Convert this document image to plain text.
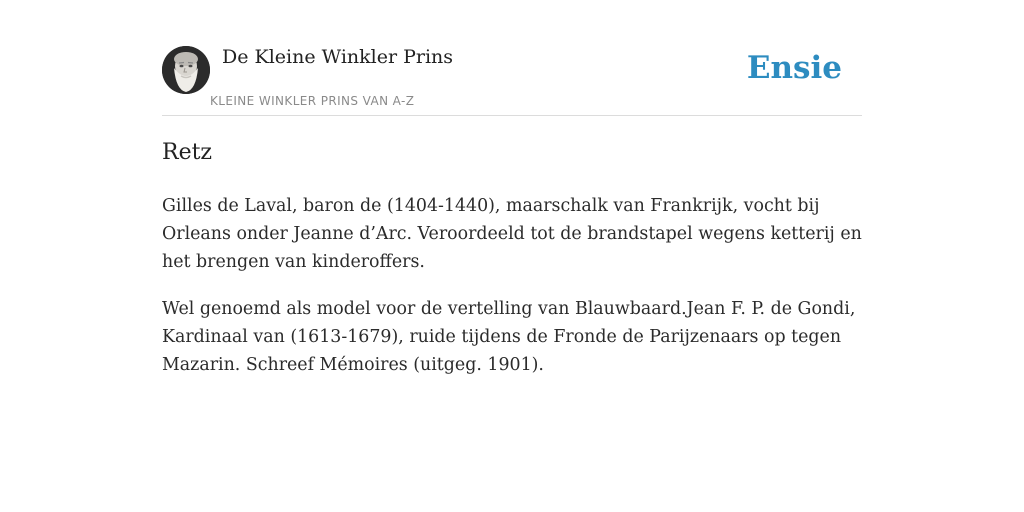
De Kleine Winkler Prins
KLEINE WINKLER PRINS VAN A-Z
Ensie
Retz

Gilles de Laval, baron de (1404-1440), maarschalk van Frankrijk, vocht bij Orleans onder Jeanne d’Arc. Veroordeeld tot de brandstapel wegens ketterij en het brengen van kinderoffers.

Wel genoemd als model voor de vertelling van Blauwbaard.Jean F. P. de Gondi, Kardinaal van (1613-1679), ruide tijdens de Fronde de Parijzenaars op tegen Mazarin. Schreef Mémoires (uitgeg. 1901).
